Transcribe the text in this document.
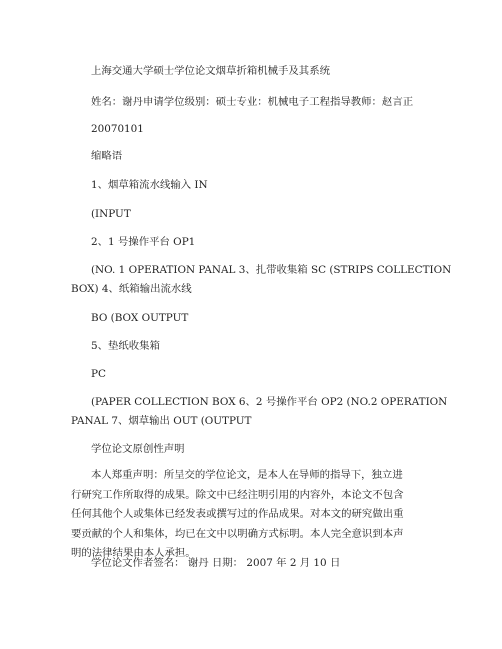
上海交通大学硕士学位论文烟草折箱机械手及其系统
姓名：谢丹申请学位级别：硕士专业：机械电子工程指导教师：赵言正
20070101
缩略语
1、烟草箱流水线输入 IN
(INPUT
2、1 号操作平台 OP1
(NO. 1 OPERATION PANAL 3、扎带收集箱 SC (STRIPS COLLECTION
BOX) 4、纸箱输出流水线
BO (BOX OUTPUT
5、垫纸收集箱
PC
(PAPER COLLECTION BOX 6、2 号操作平台 OP2 (NO.2 OPERATION
PANAL 7、烟草输出 OUT (OUTPUT
学位论文原创性声明
本人郑重声明：所呈交的学位论文，是本人在导师的指导下，独立进行研究工作所取得的成果。除文中已经注明引用的内容外，本论文不包含任何其他个人或集体已经发表或撰写过的作品成果。对本文的研究做出重要贡献的个人和集体，均已在文中以明确方式标明。本人完全意识到本声明的法律结果由本人承担。
学位论文作者签名： 谢丹 日期： 2007 年 2 月 10 日
